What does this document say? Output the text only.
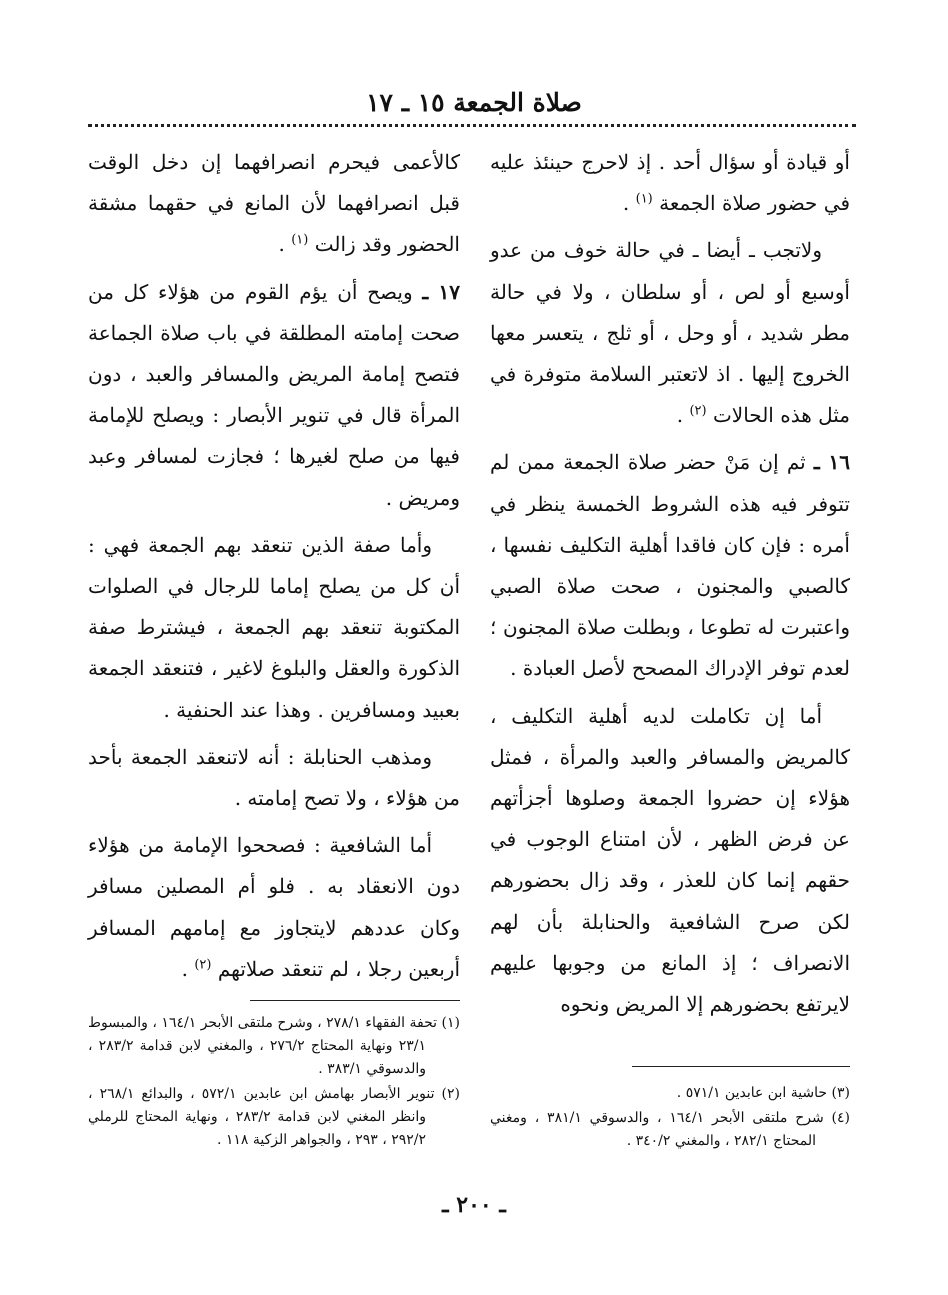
صلاة الجمعة ١٥ ـ ١٧

أو قيادة أو سؤال أحد . إذ لاحرج حينئذ عليه في حضور صلاة الجمعة $^{(١)}$ .

ولاتجب ـ أيضا ـ في حالة خوف من عدو أوسبع أو لص ، أو سلطان ، ولا في حالة مطر شديد ، أو وحل ، أو ثلج ، يتعسر معها الخروج إليها . اذ لاتعتبر السلامة متوفرة في مثل هذه الحالات $^{(٢)}$ .

١٦ ـ ثم إن مَنْ حضر صلاة الجمعة ممن لم تتوفر فيه هذه الشروط الخمسة ينظر في أمره : فإن كان فاقدا أهلية التكليف نفسها ، كالصبي والمجنون ، صحت صلاة الصبي واعتبرت له تطوعا ، وبطلت صلاة المجنون ؛ لعدم توفر الإدراك المصحح لأصل العبادة .

أما إن تكاملت لديه أهلية التكليف ، كالمريض والمسافر والعبد والمرأة ، فمثل هؤلاء إن حضروا الجمعة وصلوها أجزأتهم عن فرض الظهر ، لأن امتناع الوجوب في حقهم إنما كان للعذر ، وقد زال بحضورهم لكن صرح الشافعية والحنابلة بأن لهم الانصراف ؛ إذ المانع من وجوبها عليهم لايرتفع بحضورهم إلا المريض ونحوه

كالأعمى فيحرم انصرافهما إن دخل الوقت قبل انصرافهما لأن المانع في حقهما مشقة الحضور وقد زالت $^{(١)}$ .

١٧ ـ ويصح أن يؤم القوم من هؤلاء كل من صحت إمامته المطلقة في باب صلاة الجماعة فتصح إمامة المريض والمسافر والعبد ، دون المرأة قال في تنوير الأبصار : ويصلح للإمامة فيها من صلح لغيرها ؛ فجازت لمسافر وعبد ومريض .

وأما صفة الذين تنعقد بهم الجمعة فهي : أن كل من يصلح إماما للرجال في الصلوات المكتوبة تنعقد بهم الجمعة ، فيشترط صفة الذكورة والعقل والبلوغ لاغير ، فتنعقد الجمعة بعبيد ومسافرين . وهذا عند الحنفية .

ومذهب الحنابلة : أنه لاتنعقد الجمعة بأحد من هؤلاء ، ولا تصح إمامته .

أما الشافعية : فصححوا الإمامة من هؤلاء دون الانعقاد به . فلو أم المصلين مسافر وكان عددهم لايتجاوز مع إمامهم المسافر أربعين رجلا ، لم تنعقد صلاتهم $^{(٢)}$ .

(١) تحفة الفقهاء ٢٧٨/١ ، وشرح ملتقى الأبحر ١٦٤/١ ، والمبسوط ٢٣/١ ونهاية المحتاج ٢٧٦/٢ ، والمغني لابن قدامة ٢٨٣/٢ ، والدسوقي ٣٨٣/١ .

(٢) تنوير الأبصار بهامش ابن عابدين ٥٧٢/١ ، والبدائع ٢٦٨/١ ، وانظر المغني لابن قدامة ٢٨٣/٢ ، ونهاية المحتاج للرملي ٢٩٢/٢ ، ٢٩٣ ، والجواهر الزكية ١١٨ .

(٣) حاشية ابن عابدين ٥٧١/١ .

(٤) شرح ملتقى الأبحر ١٦٤/١ ، والدسوقي ٣٨١/١ ، ومغني المحتاج ٢٨٢/١ ، والمغني ٣٤٠/٢ .

ـ ٢٠٠ ـ
